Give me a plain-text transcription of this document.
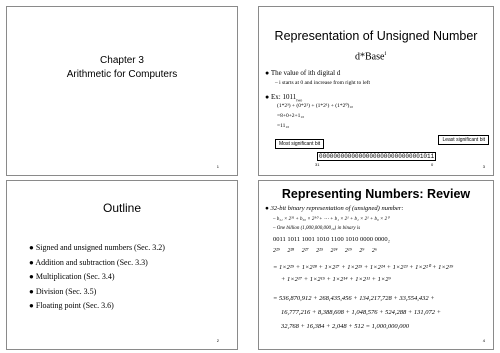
Chapter 3
Arithmetic for Computers
1
Representation of Unsigned Number
d*Base$^i$
● The value of ith digital d
– i starts at 0 and increase from right to left
● Ex: $1011_{two}$
(1*2³) + (0*2²) + (1*2¹) + (1*2⁰)₁₀
=8+0+2+1₁₀
=11₁₀
Most significant bit
Least significant bit
00000000000000000000000000001011
31	0	3
Outline
● Signed and unsigned numbers (Sec. 3.2)
● Addition and subtraction (Sec. 3.3)
● Multiplication (Sec. 3.4)
● Division (Sec. 3.5)
● Floating point (Sec. 3.6)
2
Representing Numbers: Review
● 32-bit binary representation of (unsigned) number:
– b₃₁ × 2³¹ + b₃₀ × 2³⁰ + ⋯ + b₁ × 2¹ + b₁ × 2¹ + b₀ × 2⁰
– One billion (1,000,000,000₁₀) in binary is
0011 1011 1001 1010 1100 1010 0000 0000₂
2²⁹ 2²⁸ 2²⁷ 2²⁵ 2²⁴ 2¹⁹ 2⁹ 2⁶
= 1×2²⁹ + 1×2²⁸ + 1×2²⁷ + 1×2²⁵ + 1×2²⁴ + 1×2²³ + 1×2²⁰ + 1×2¹⁹
+ 1×2¹⁷ + 1×2¹⁵ + 1×2¹⁴ + 1×2¹¹ + 1×2⁹
= 536,870,912 + 268,435,456 + 134,217,728 + 33,554,432 +
16,777,216 + 8,388,608 + 1,048,576 + 524,288 + 131,072 +
32,768 + 16,384 + 2,048 + 512 = 1,000,000,000
4
